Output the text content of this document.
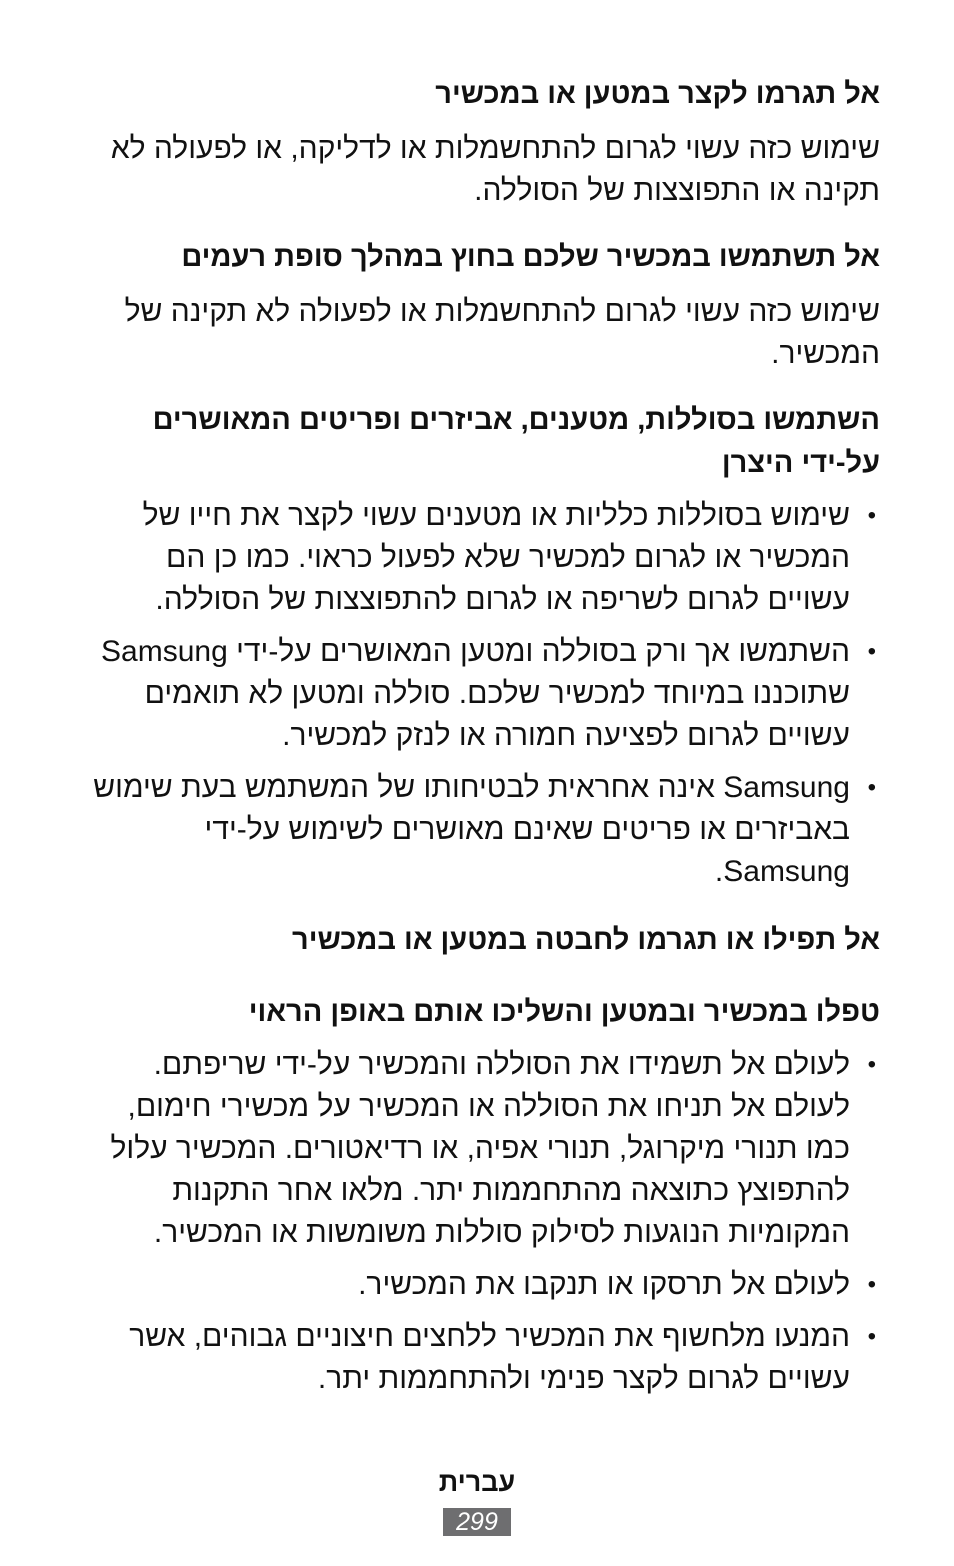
אל תגרמו לקצר במטען או במכשיר

שימוש כזה עשוי לגרום להתחשמלות או לדליקה, או לפעולה לא תקינה או התפוצצות של הסוללה.

אל תשתמשו במכשיר שלכם בחוץ במהלך סופת רעמים

שימוש כזה עשוי לגרום להתחשמלות או לפעולה לא תקינה של המכשיר.

השתמשו בסוללות, מטענים, אביזרים ופריטים המאושרים על-ידי היצרן
• שימוש בסוללות כלליות או מטענים עשוי לקצר את חייו של המכשיר או לגרום למכשיר שלא לפעול כראוי. כמו כן הם עשויים לגרום לשריפה או לגרום להתפוצצות של הסוללה.
• השתמשו אך ורק בסוללה ומטען המאושרים על-ידי Samsung שתוכננו במיוחד למכשיר שלכם. סוללה ומטען לא תואמים עשויים לגרום לפציעה חמורה או לנזק למכשיר.
• Samsung אינה אחראית לבטיחותו של המשתמש בעת שימוש באביזרים או פריטים שאינם מאושרים לשימוש על-ידי Samsung.
אל תפילו או תגרמו לחבטה במטען או במכשיר
טפלו במכשיר ובמטען והשליכו אותם באופן הראוי
• לעולם אל תשמידו את הסוללה והמכשיר על-ידי שריפתם. לעולם אל תניחו את הסוללה או המכשיר על מכשירי חימום, כמו תנורי מיקרוגל, תנורי אפיה, או רדיאטורים. המכשיר עלול להתפוצץ כתוצאה מהתחממות יתר. מלאו אחר התקנות המקומיות הנוגעות לסילוק סוללות משומשות או המכשיר.
• לעולם אל תרסקו או תנקבו את המכשיר.
• המנעו מלחשוף את המכשיר ללחצים חיצוניים גבוהים, אשר עשויים לגרום לקצר פנימי ולהתחממות יתר.
עברית
299
